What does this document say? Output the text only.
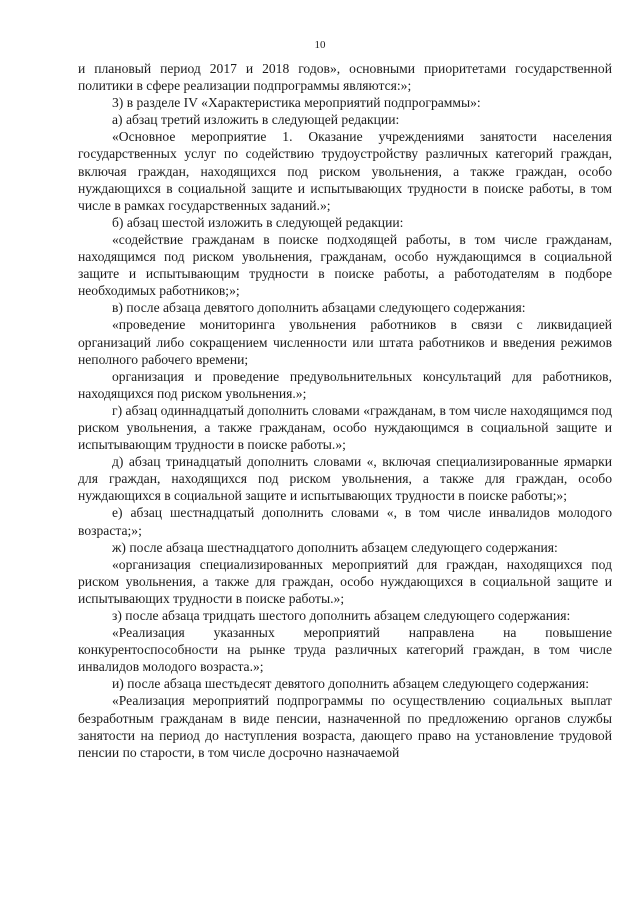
10

и плановый период 2017 и 2018 годов», основными приоритетами государственной политики в сфере реализации подпрограммы являются:»;

3) в разделе IV «Характеристика мероприятий подпрограммы»:

а) абзац третий изложить в следующей редакции:

«Основное мероприятие 1. Оказание учреждениями занятости населения государственных услуг по содействию трудоустройству различных категорий граждан, включая граждан, находящихся под риском увольнения, а также граждан, особо нуждающихся в социальной защите и испытывающих трудности в поиске работы, в том числе в рамках государственных заданий.»;

б) абзац шестой изложить в следующей редакции:

«содействие гражданам в поиске подходящей работы, в том числе гражданам, находящимся под риском увольнения, гражданам, особо нуждающимся в социальной защите и испытывающим трудности в поиске работы, а работодателям в подборе необходимых работников;»;

в) после абзаца девятого дополнить абзацами следующего содержания:

«проведение мониторинга увольнения работников в связи с ликвидацией организаций либо сокращением численности или штата работников и введения режимов неполного рабочего времени;

организация и проведение предувольнительных консультаций для работников, находящихся под риском увольнения.»;

г) абзац одиннадцатый дополнить словами «гражданам, в том числе находящимся под риском увольнения, а также гражданам, особо нуждающимся в социальной защите и испытывающим трудности в поиске работы.»;

д) абзац тринадцатый дополнить словами «, включая специализированные ярмарки для граждан, находящихся под риском увольнения, а также для граждан, особо нуждающихся в социальной защите и испытывающих трудности в поиске работы;»;

е) абзац шестнадцатый дополнить словами «, в том числе инвалидов молодого возраста;»;

ж) после абзаца шестнадцатого дополнить абзацем следующего содержания:

«организация специализированных мероприятий для граждан, находящихся под риском увольнения, а также для граждан, особо нуждающихся в социальной защите и испытывающих трудности в поиске работы.»;

з) после абзаца тридцать шестого дополнить абзацем следующего содержания:

«Реализация указанных мероприятий направлена на повышение конкурентоспособности на рынке труда различных категорий граждан, в том числе инвалидов молодого возраста.»;

и) после абзаца шестьдесят девятого дополнить абзацем следующего содержания:

«Реализация мероприятий подпрограммы по осуществлению социальных выплат безработным гражданам в виде пенсии, назначенной по предложению органов службы занятости на период до наступления возраста, дающего право на установление трудовой пенсии по старости, в том числе досрочно назначаемой
